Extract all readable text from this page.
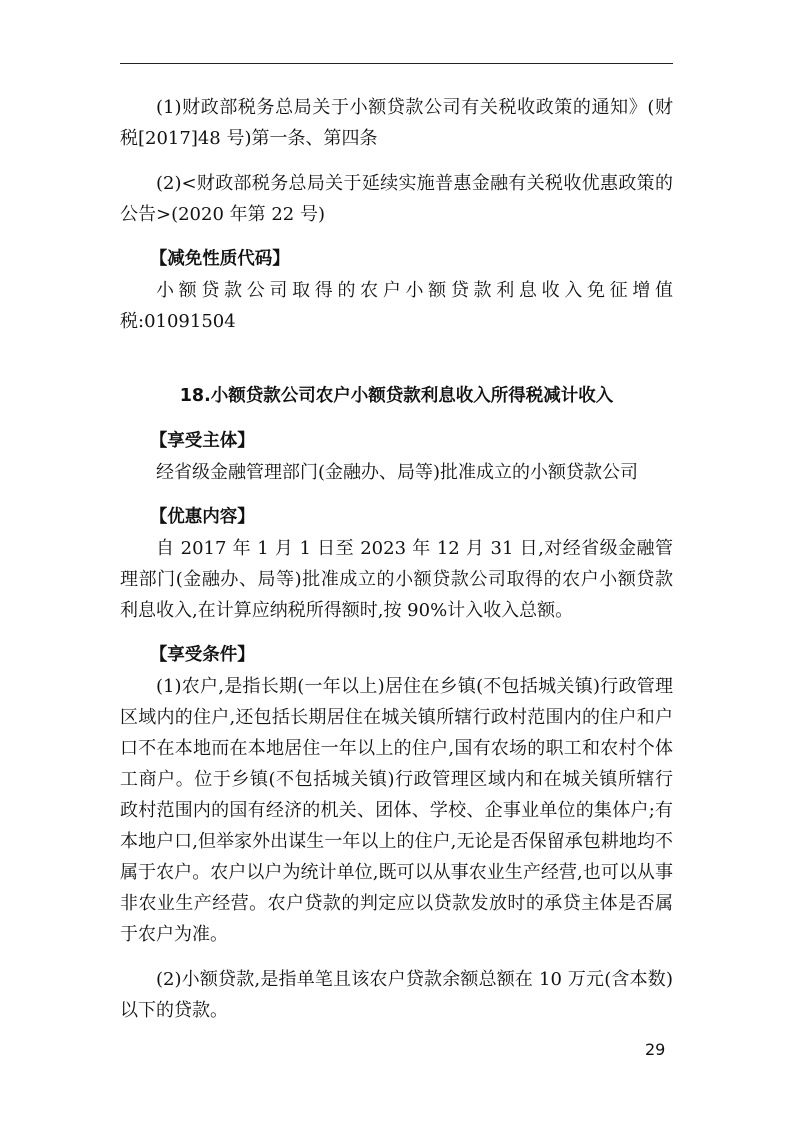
(1)财政部税务总局关于小额贷款公司有关税收政策的通知》(财税[2017]48 号)第一条、第四条

(2)<财政部税务总局关于延续实施普惠金融有关税收优惠政策的公告>(2020 年第 22 号)

【减免性质代码】

小额贷款公司取得的农户小额贷款利息收入免征增值税:01091504

18.小额贷款公司农户小额贷款利息收入所得税减计收入

【享受主体】

经省级金融管理部门(金融办、局等)批准成立的小额贷款公司

【优惠内容】

自 2017 年 1 月 1 日至 2023 年 12 月 31 日,对经省级金融管理部门(金融办、局等)批准成立的小额贷款公司取得的农户小额贷款利息收入,在计算应纳税所得额时,按 90%计入收入总额。

【享受条件】

(1)农户,是指长期(一年以上)居住在乡镇(不包括城关镇)行政管理区域内的住户,还包括长期居住在城关镇所辖行政村范围内的住户和户口不在本地而在本地居住一年以上的住户,国有农场的职工和农村个体工商户。位于乡镇(不包括城关镇)行政管理区域内和在城关镇所辖行政村范围内的国有经济的机关、团体、学校、企事业单位的集体户;有本地户口,但举家外出谋生一年以上的住户,无论是否保留承包耕地均不属于农户。农户以户为统计单位,既可以从事农业生产经营,也可以从事非农业生产经营。农户贷款的判定应以贷款发放时的承贷主体是否属于农户为准。

(2)小额贷款,是指单笔且该农户贷款余额总额在 10 万元(含本数)以下的贷款。

29
